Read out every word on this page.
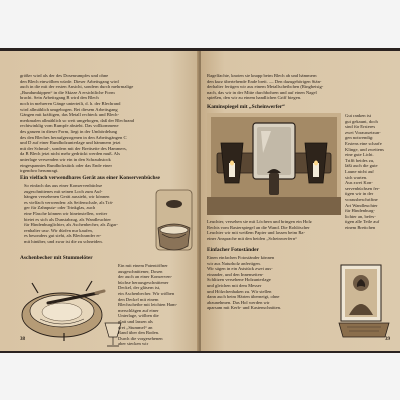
größer wird als der des Dosenrumpfes und ohne
den Blech einwölben würde. Dieser Arbeitsgang wird
auch in die mit der ersten Ansicht, sondern durch mehrmalige
„Bundumkippen“ in die Skizze A ersichtliche Form
bracht. Sein Arbeitsgang B wird den Blech
noch in mehreren Gänge unterteilt, d. h. der Blechrand
wird allmählich umgebogen. Bei diesem Arbeitsgang
Gängen mit kräftigen, das Metall rechteck und Blech-
merkmalen allmählich so weit umgebogen, daß der Blechrand
rechtwinklig vom Rumpfe absteht. Das vollkommene
des ganzen in dieser Form, liegt in der Umbördelung
des den Bleches heraufgezogenen in den Arbeitsgängen C
und D auf einer Rundholzunterlage und hämmern jetzt
mit der Schmal-, sondern mit der Breitseite des Hammers,
da B Blech jetzt nicht mehr gedrückt werden muß. Als
unterlage verwenden wir ein in den Schraubstock
eingespanntes Rundholzstück oder das Ende einer
irgendwo herumragt.
Ein vielfach verwendbares Gerät aus einer Konservenbüchse
So einfach das aus einer Konservenbüchse
zugeschnittenes mit seinen Loch zum Auf-
hängen versehenen Gerät aussieht, wir können
es vielfach verwenden: als Seifenschale, als Trä-
ger für Zahnputz- oder Trinkglas, auch
eine Flasche können wir hineinstellen, weiter
bietet es sich als Dunstabzug, als Wandleuchter
für Hindenburglichter, als Aschenbecher, als Zigar-
renhalter usw. Wir dürfen nur kaufen,
es besonders gut sieht, als Blechrander er-
mit hinüber, und zwar ist die zu schneiden.
Aschenbecher mit Stummelöter
Ein mit einem Patentöffner
ausgeschnittener, Dosen
der auch an einer Konserven-
büchse herausgeschnittener
Deckel, der gläsern ist,
ein Aschenbecher. Wir wölben
den Deckel mit einem
Blechscheibe mit leichten Ham-
merschlägen auf einer
Unterlage, wölben die
glatt und lassen als
drei „Stummel“ an
Rand über den Boden.
Durch die vorgesehenen
aber stecken wir
38
Ragelfachte, knoten sie knapp beim Blech ab und hämmern
den kurz übertehende Ende breit. — Den dazugehörigen Stän-
derhalter fertigen wir aus einem Metallscheibchen (Ringbeisig-
nach, das wir in der Mitte durchbohren und auf einen Nagel
spießen, den wir zu einem handlichen Griff biegen.
Kaminspiegel mit „Scheinwerfer“
Gut ranken ist
gut gekaunt, doch
sind für Ersteres
zwei Voraussetzun-
gen notwendig:
Erstens eine scharfe
Klinge, und zweitens
eine gute Licht.
Trifft beides zu,
läßt auch die gute
Laune nicht auf
sich warten.
Aus zwei Kon-
servenbüchsen fer-
tigen wir in der
vorausbeschriftne
Art Wandleuchter
für Hindenburg-
lichter an, befes-
tigen alle Teile auf
einem Brettchen
Leuchter, versehen sie mit Löchern und bringen ein Holz
Rechts vom Rasierspiegel an die Wand. Die Rohlöscher
Leuchter wir mit weißem Papier und lassen beim Ra-
einer Ansprache mit den beiden „Scheinwerfern“
Einfacher Fotoständer
Einen einfachen Fotoständer können
wir aus Naturholz anfertigen.
Wir sägen in ein Aststück zwei aus-
einander, und den Innenseiten-
Schlitzen versehene Holzunterlage
und gleichen mit dem Messer
und Hölzchenhaken zu. Wir stellen
dann auch beim Härten überneigt, ohne
abzunehmen. Das Hol werden wir
aparsam mit Kerb- und Kastenschnitten.
39
